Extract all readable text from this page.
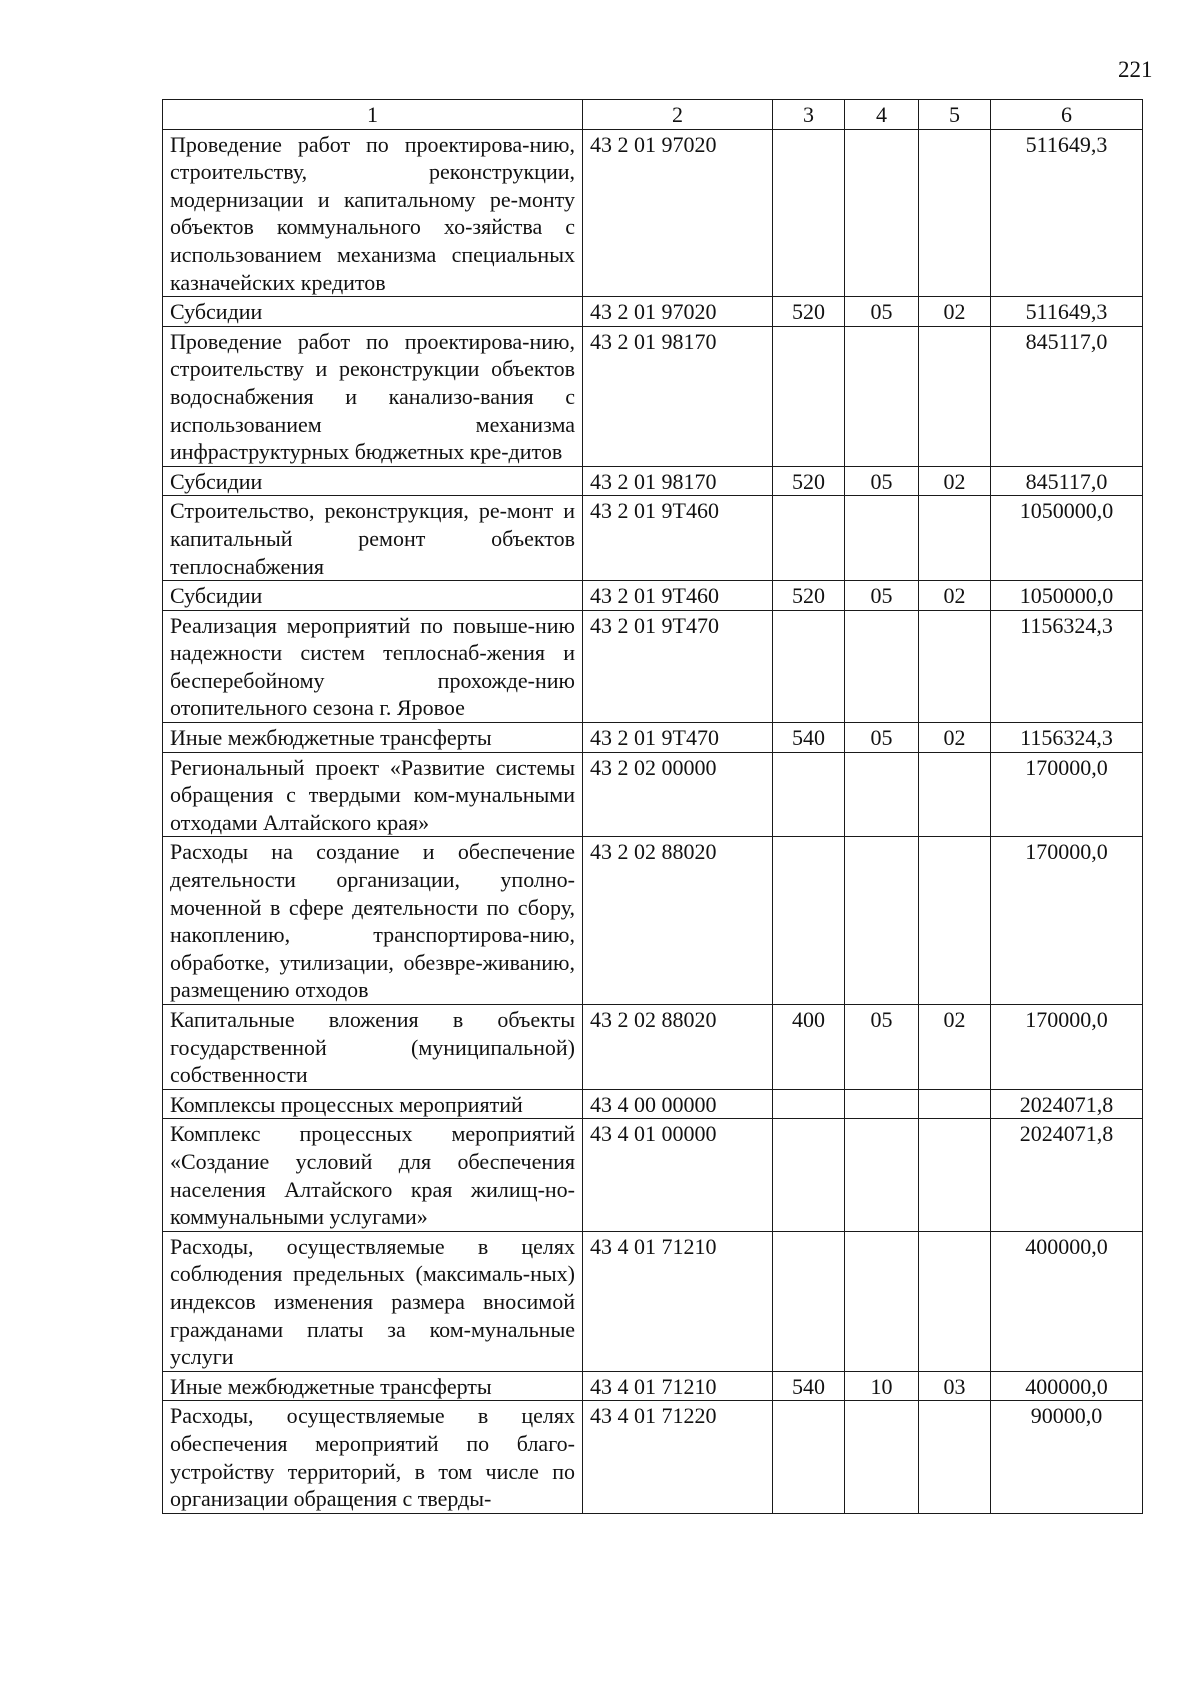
221
1	2	3	4	5	6
Проведение работ по проектирова-нию, строительству, реконструкции, модернизации и капитальному ре-монту объектов коммунального хо-зяйства с использованием механизма специальных казначейских кредитов	43 2 01 97020				511649,3
Субсидии	43 2 01 97020	520	05	02	511649,3
Проведение работ по проектирова-нию, строительству и реконструкции объектов водоснабжения и канализо-вания с использованием механизма инфраструктурных бюджетных кре-дитов	43 2 01 98170				845117,0
Субсидии	43 2 01 98170	520	05	02	845117,0
Строительство, реконструкция, ре-монт и капитальный ремонт объектов теплоснабжения	43 2 01 9Т460				1050000,0
Субсидии	43 2 01 9Т460	520	05	02	1050000,0
Реализация мероприятий по повыше-нию надежности систем теплоснаб-жения и бесперебойному прохожде-нию отопительного сезона г. Яровое	43 2 01 9Т470				1156324,3
Иные межбюджетные трансферты	43 2 01 9Т470	540	05	02	1156324,3
Региональный проект «Развитие системы обращения с твердыми ком-мунальными отходами Алтайского края»	43 2 02 00000				170000,0
Расходы на создание и обеспечение деятельности организации, уполно-моченной в сфере деятельности по сбору, накоплению, транспортирова-нию, обработке, утилизации, обезвре-живанию, размещению отходов	43 2 02 88020				170000,0
Капитальные вложения в объекты государственной (муниципальной) собственности	43 2 02 88020	400	05	02	170000,0
Комплексы процессных мероприятий	43 4 00 00000				2024071,8
Комплекс процессных мероприятий «Создание условий для обеспечения населения Алтайского края жилищ-но-коммунальными услугами»	43 4 01 00000				2024071,8
Расходы, осуществляемые в целях соблюдения предельных (максималь-ных) индексов изменения размера вносимой гражданами платы за ком-мунальные услуги	43 4 01 71210				400000,0
Иные межбюджетные трансферты	43 4 01 71210	540	10	03	400000,0
Расходы, осуществляемые в целях обеспечения мероприятий по благо-устройству территорий, в том числе по организации обращения с тверды-	43 4 01 71220				90000,0
